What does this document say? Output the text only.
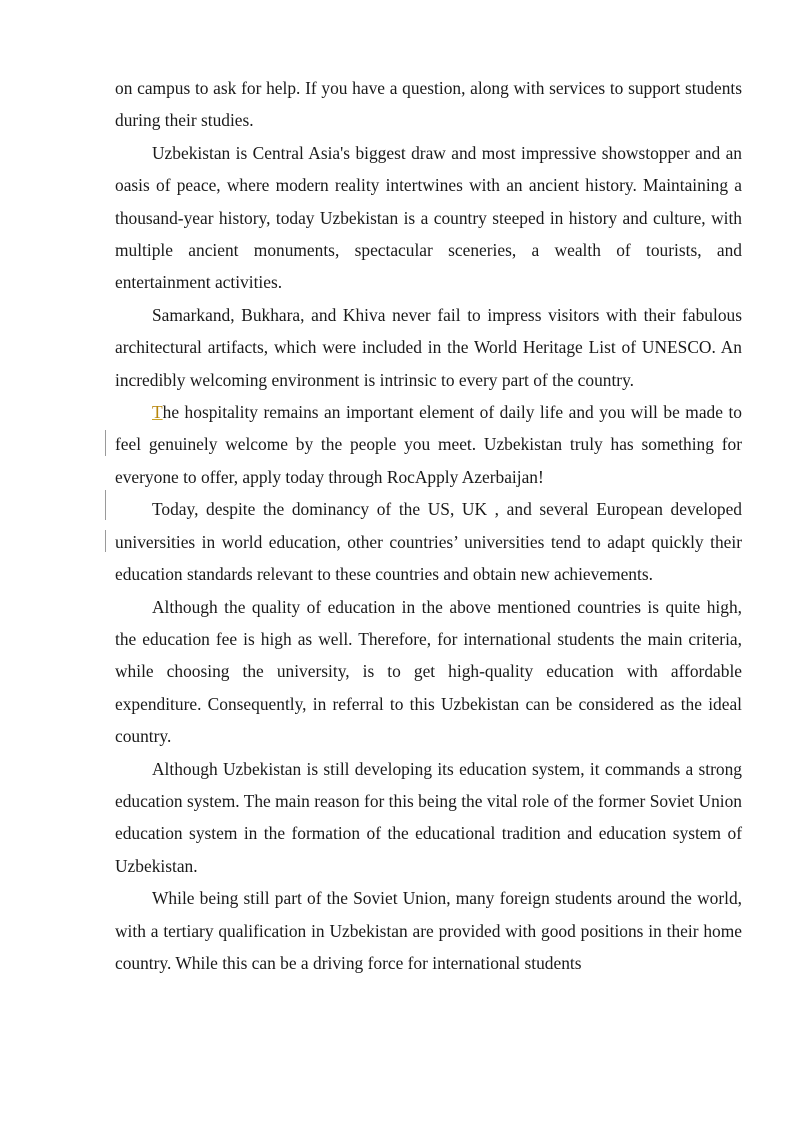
on campus to ask for help. If you have a question, along with services to support students during their studies.

Uzbekistan is Central Asia's biggest draw and most impressive showstopper and an oasis of peace, where modern reality intertwines with an ancient history. Maintaining a thousand-year history, today Uzbekistan is a country steeped in history and culture, with multiple ancient monuments, spectacular sceneries, a wealth of tourists, and entertainment activities.

Samarkand, Bukhara, and Khiva never fail to impress visitors with their fabulous architectural artifacts, which were included in the World Heritage List of UNESCO. An incredibly welcoming environment is intrinsic to every part of the country.

The hospitality remains an important element of daily life and you will be made to feel genuinely welcome by the people you meet. Uzbekistan truly has something for everyone to offer, apply today through RocApply Azerbaijan!

Today, despite the dominancy of the US, UK , and several European developed universities in world education, other countries’ universities tend to adapt quickly their education standards relevant to these countries and obtain new achievements.

Although the quality of education in the above mentioned countries is quite high, the education fee is high as well. Therefore, for international students the main criteria, while choosing the university, is to get high-quality education with affordable expenditure. Consequently, in referral to this Uzbekistan can be considered as the ideal country.

Although Uzbekistan is still developing its education system, it commands a strong education system. The main reason for this being the vital role of the former Soviet Union education system in the formation of the educational tradition and education system of Uzbekistan.

While being still part of the Soviet Union, many foreign students around the world, with a tertiary qualification in Uzbekistan are provided with good positions in their home country. While this can be a driving force for international students
